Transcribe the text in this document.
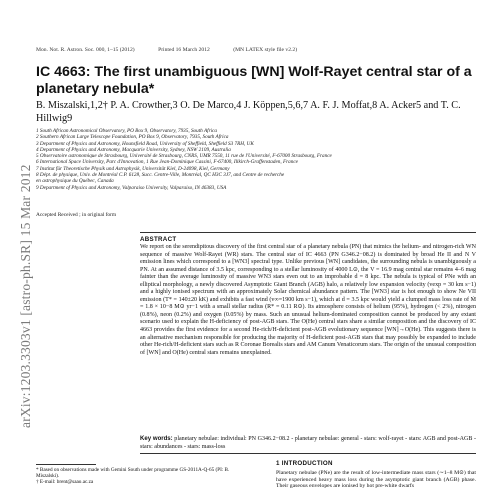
arXiv:1203.3303v1 [astro-ph.SR] 15 Mar 2012
Mon. Not. R. Astron. Soc. 000, 1–15 (2012)	Printed 16 March 2012	(MN LATEX style file v2.2)
IC 4663: The first unambiguous [WN] Wolf-Rayet central star of a planetary nebula*
B. Miszalski,1,2† P. A. Crowther,3 O. De Marco,4 J. Köppen,5,6,7 A. F. J. Moffat,8 A. Acker5 and T. C. Hillwig9
1 South African Astronomical Observatory, PO Box 9, Observatory, 7935, South Africa
2 Southern African Large Telescope Foundation, PO Box 9, Observatory, 7935, South Africa
3 Department of Physics and Astronomy, Hounsfield Road, University of Sheffield, Sheffield S3 7RH, UK
4 Department of Physics and Astronomy, Macquarie University, Sydney, NSW 2109, Australia
5 Observatoire astronomique de Strasbourg, Université de Strasbourg, CNRS, UMR 7550, 11 rue de l'Université, F-67000 Strasbourg, France
6 International Space University, Parc d'Innovation, 1 Rue Jean-Dominique Cassini, F-67400, Illkirch-Graffenstaden, France
7 Institut für Theoretische Physik und Astrophysik, Universität Kiel, D-24098, Kiel, Germany
8 Dépt. de physique, Univ. de Montréal C.P. 6128, Succ. Centre-Ville, Montréal, QC H3C 3J7, and Centre de recherche
en astrophysique du Québec, Canada
9 Department of Physics and Astronomy, Valparaiso University, Valparaiso, IN 46383, USA
Accepted Received ; in original form
ABSTRACT

We report on the serendipitous discovery of the first central star of a planetary nebula (PN) that mimics the helium- and nitrogen-rich WN sequence of massive Wolf-Rayet (WR) stars. The central star of IC 4663 (PN G346.2−08.2) is dominated by broad He II and N V emission lines which correspond to a [WN3] spectral type. Unlike previous [WN] candidates, the surrounding nebula is unambiguously a PN. At an assumed distance of 3.5 kpc, corresponding to a stellar luminosity of 4000 L⊙, the V = 16.9 mag central star remains 4–6 mag fainter than the average luminosity of massive WN3 stars even out to an improbable d = 8 kpc. The nebula is typical of PNe with an elliptical morphology, a newly discovered Asymptotic Giant Branch (AGB) halo, a relatively low expansion velocity (vexp = 30 km s−1) and a highly ionised spectrum with an approximately Solar chemical abundance pattern. The [WN3] star is hot enough to show Ne VII emission (T* = 140±20 kK) and exhibits a fast wind (v∞=1900 km s−1), which at d = 3.5 kpc would yield a clumped mass loss rate of Ṁ = 1.8 × 10−8 M⊙ yr−1 with a small stellar radius (R* = 0.11 R⊙). Its atmosphere consists of helium (95%), hydrogen (< 2%), nitrogen (0.8%), neon (0.2%) and oxygen (0.05%) by mass. Such an unusual helium-dominated composition cannot be produced by any extant scenario used to explain the H-deficiency of post-AGB stars. The O(He) central stars share a similar composition and the discovery of IC 4663 provides the first evidence for a second He-rich/H-deficient post-AGB evolutionary sequence [WN]→O(He). This suggests there is an alternative mechanism responsible for producing the majority of H-deficient post-AGB stars that may possibly be expanded to include other He-rich/H-deficient stars such as R Coronae Borealis stars and AM Canum Venaticorum stars. The origin of the unusual composition of [WN] and O(He) central stars remains unexplained.

Key words: planetary nebulae: individual: PN G346.2−08.2 - planetary nebulae: general - stars: wolf-rayet - stars: AGB and post-AGB - stars: abundances - stars: mass-loss
* Based on observations made with Gemini South under programme GS-2011A-Q-65 (PI: B. Miszalski).
† E-mail: brent@saao.ac.za
1 INTRODUCTION
Planetary nebulae (PNe) are the result of low-intermediate mass stars (∼1–8 M⊙) that have experienced heavy mass loss during the asymptotic giant branch (AGB) phase. Their gaseous envelopes are ionised by hot pre-white dwarfs
